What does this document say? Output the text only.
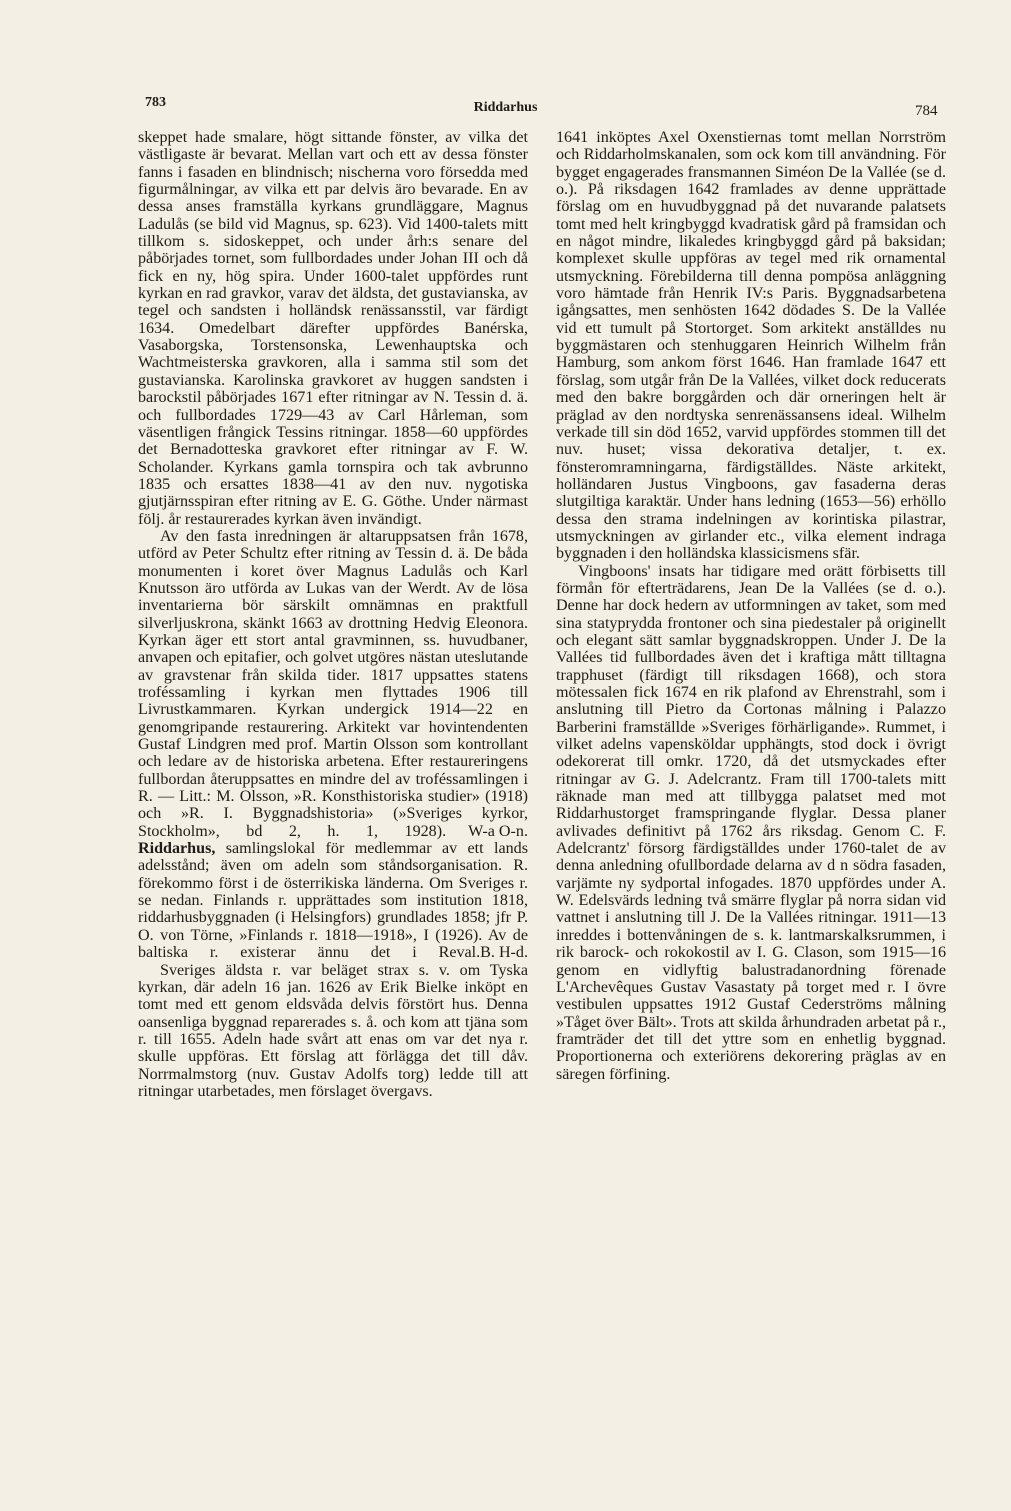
783	Riddarhus	784

skeppet hade smalare, högt sittande fönster, av vilka det västligaste är bevarat. Mellan vart och ett av dessa fönster fanns i fasaden en blindnisch; nischerna voro försedda med figurmålningar, av vilka ett par delvis äro bevarade. En av dessa anses framställa kyrkans grundläggare, Magnus Ladulås (se bild vid Magnus, sp. 623). Vid 1400-talets mitt tillkom s. sidoskeppet, och under årh:s senare del påbörjades tornet, som fullbordades under Johan III och då fick en ny, hög spira. Under 1600-talet uppfördes runt kyrkan en rad gravkor, varav det äldsta, det gustavianska, av tegel och sandsten i holländsk renässansstil, var färdigt 1634. Omedelbart därefter uppfördes Banérska, Vasaborgska, Torstensonska, Lewenhauptska och Wachtmeisterska gravkoren, alla i samma stil som det gustavianska. Karolinska gravkoret av huggen sandsten i barockstil påbörjades 1671 efter ritningar av N. Tessin d. ä. och fullbordades 1729—43 av Carl Hårleman, som väsentligen frångick Tessins ritningar. 1858—60 uppfördes det Bernadotteska gravkoret efter ritningar av F. W. Scholander. Kyrkans gamla tornspira och tak avbrunno 1835 och ersattes 1838—41 av den nuv. nygotiska gjutjärnsspiran efter ritning av E. G. Göthe. Under närmast följ. år restaurerades kyrkan även invändigt.

Av den fasta inredningen är altaruppsatsen från 1678, utförd av Peter Schultz efter ritning av Tessin d. ä. De båda monumenten i koret över Magnus Ladulås och Karl Knutsson äro utförda av Lukas van der Werdt. Av de lösa inventarierna bör särskilt omnämnas en praktfull silverljuskrona, skänkt 1663 av drottning Hedvig Eleonora. Kyrkan äger ett stort antal gravminnen, ss. huvudbaner, anvapen och epitafier, och golvet utgöres nästan uteslutande av gravstenar från skilda tider. 1817 uppsattes statens troféssamling i kyrkan men flyttades 1906 till Livrustkammaren. Kyrkan undergick 1914—22 en genomgripande restaurering. Arkitekt var hovintendenten Gustaf Lindgren med prof. Martin Olsson som kontrollant och ledare av de historiska arbetena. Efter restaureringens fullbordan återuppsattes en mindre del av troféssamlingen i R. — Litt.: M. Olsson, »R. Konsthistoriska studier» (1918) och »R. I. Byggnadshistoria» (»Sveriges kyrkor, Stockholm», bd 2, h. 1, 1928).	W-a O-n.

Riddarhus, samlingslokal för medlemmar av ett lands adelsstånd; även om adeln som ståndsorganisation. R. förekommo först i de österrikiska länderna. Om Sveriges r. se nedan. Finlands r. upprättades som institution 1818, riddarhusbyggnaden (i Helsingfors) grundlades 1858; jfr P. O. von Törne, »Finlands r. 1818—1918», I (1926). Av de baltiska r. existerar ännu det i Reval. B. H-d.

Sveriges äldsta r. var beläget strax s. v. om Tyska kyrkan, där adeln 16 jan. 1626 av Erik Bielke inköpt en tomt med ett genom eldsvåda delvis förstört hus. Denna oansenliga byggnad reparerades s. å. och kom att tjäna som r. till 1655. Adeln hade svårt att enas om var det nya r. skulle uppföras. Ett förslag att förlägga det till dåv. Norrmalmstorg (nuv. Gustav Adolfs torg) ledde till att ritningar utarbetades, men förslaget övergavs.

1641 inköptes Axel Oxenstiernas tomt mellan Norrström och Riddarholmskanalen, som ock kom till användning. För bygget engagerades fransmannen Siméon De la Vallée (se d. o.). På riksdagen 1642 framlades av denne upprättade förslag om en huvudbyggnad på det nuvarande palatsets tomt med helt kringbyggd kvadratisk gård på framsidan och en något mindre, likaledes kringbyggd gård på baksidan; komplexet skulle uppföras av tegel med rik ornamental utsmyckning. Förebilderna till denna pompösa anläggning voro hämtade från Henrik IV:s Paris. Byggnadsarbetena igångsattes, men senhösten 1642 dödades S. De la Vallée vid ett tumult på Stortorget. Som arkitekt anställdes nu byggmästaren och stenhuggaren Heinrich Wilhelm från Hamburg, som ankom först 1646. Han framlade 1647 ett förslag, som utgår från De la Vallées, vilket dock reducerats med den bakre borggården och där orneringen helt är präglad av den nordtyska senrenässansens ideal. Wilhelm verkade till sin död 1652, varvid uppfördes stommen till det nuv. huset; vissa dekorativa detaljer, t. ex. fönsteromramningarna, färdigställdes. Näste arkitekt, holländaren Justus Vingboons, gav fasaderna deras slutgiltiga karaktär. Under hans ledning (1653—56) erhöllo dessa den strama indelningen av korintiska pilastrar, utsmyckningen av girlander etc., vilka element indraga byggnaden i den holländska klassicismens sfär.

Vingboons' insats har tidigare med orätt förbisetts till förmån för efterträdarens, Jean De la Vallées (se d. o.). Denne har dock hedern av utformningen av taket, som med sina statyprydda frontoner och sina piedestaler på originellt och elegant sätt samlar byggnadskroppen. Under J. De la Vallées tid fullbordades även det i kraftiga mått tilltagna trapphuset (färdigt till riksdagen 1668), och stora mötessalen fick 1674 en rik plafond av Ehrenstrahl, som i anslutning till Pietro da Cortonas målning i Palazzo Barberini framställde »Sveriges förhärligande». Rummet, i vilket adelns vapensköldar upphängts, stod dock i övrigt odekorerat till omkr. 1720, då det utsmyckades efter ritningar av G. J. Adelcrantz. Fram till 1700-talets mitt räknade man med att tillbygga palatset med mot Riddarhustorget framspringande flyglar. Dessa planer avlivades definitivt på 1762 års riksdag. Genom C. F. Adelcrantz' försorg färdigställdes under 1760-talet de av denna anledning ofullbordade delarna av d n södra fasaden, varjämte ny sydportal infogades. 1870 uppfördes under A. W. Edelsvärds ledning två smärre flyglar på norra sidan vid vattnet i anslutning till J. De la Vallées ritningar. 1911—13 inreddes i bottenvåningen de s. k. lantmarskalksrummen, i rik barock- och rokokostil av I. G. Clason, som 1915—16 genom en vidlyftig balustradanordning förenade L'Archevêques Gustav Vasastaty på torget med r. I övre vestibulen uppsattes 1912 Gustaf Cederströms målning »Tåget över Bält». Trots att skilda århundraden arbetat på r., framträder det till det yttre som en enhetlig byggnad. Proportionerna och exteriörens dekorering präglas av en säregen förfining.
